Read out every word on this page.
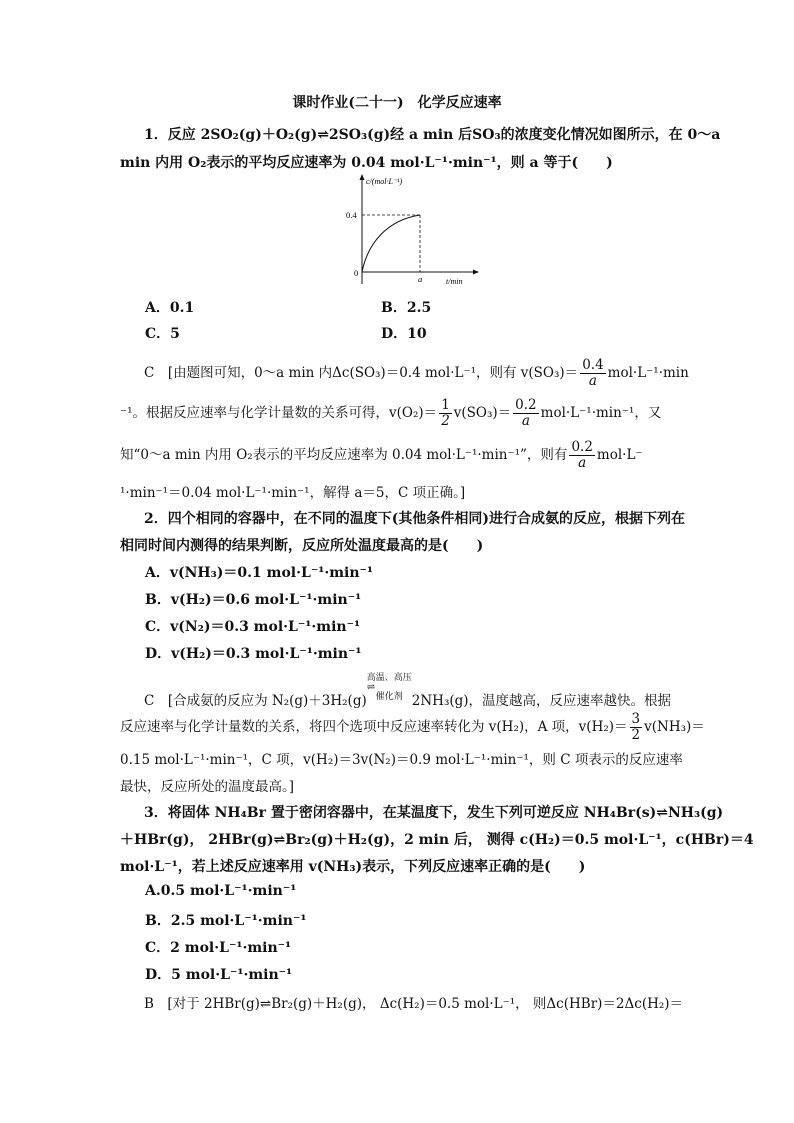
课时作业(二十一)　化学反应速率
1．反应 2SO₂(g)＋O₂(g)⇌2SO₃(g)经 a min 后SO₃的浓度变化情况如图所示，在 0～a
min 内用 O₂表示的平均反应速率为 0.04 mol·L⁻¹·min⁻¹，则 a 等于(　　)
c/(mol·L⁻¹)
0.4
0
a	t/min
A．0.1	B．2.5
C．5	D．10
C　[由题图可知，0～a min 内Δc(SO₃)＝0.4 mol·L⁻¹，则有 $v(SO_3)= \frac{0.4}{a} mol\cdot L^{-1}\cdot\min$
⁻¹。根据反应速率与化学计量数的关系可得，$v(O_2)= \frac{1}{2} v(SO_3)= \frac{0.2}{a} mol\cdot L^{-1}\cdot\min^{-1}$，又
知“0～a min 内用 O₂表示的平均反应速率为 0.04 mol·L⁻¹·min⁻¹”，则有 $\frac{0.2}{a} mol\cdot L^-$
¹·min⁻¹＝0.04 mol·L⁻¹·min⁻¹，解得 a＝5，C 项正确。]
2．四个相同的容器中，在不同的温度下(其他条件相同)进行合成氨的反应，根据下列在
相同时间内测得的结果判断，反应所处温度最高的是(　　)
A．v(NH₃)＝0.1 mol·L⁻¹·min⁻¹
B．v(H₂)＝0.6 mol·L⁻¹·min⁻¹
C．v(N₂)＝0.3 mol·L⁻¹·min⁻¹
D．v(H₂)＝0.3 mol·L⁻¹·min⁻¹
C　[合成氨的反应为 N₂(g)＋3H₂(g)
高温、高压
⇌
催化剂 2NH₃(g)，温度越高，反应速率越快。根据
反应速率与化学计量数的关系，将四个选项中反应速率转化为 v(H₂)，A 项，$v(H_2)= \frac{3}{2} v(NH_3)=$
0.15 mol·L⁻¹·min⁻¹，C 项，v(H₂)＝3v(N₂)＝0.9 mol·L⁻¹·min⁻¹，则 C 项表示的反应速率
最快，反应所处的温度最高。]
3．将固体 NH₄Br 置于密闭容器中，在某温度下，发生下列可逆反应 NH₄Br(s)⇌NH₃(g)
＋HBr(g)， 2HBr(g)⇌Br₂(g)＋H₂(g)，2 min 后， 测得 c(H₂)＝0.5 mol·L⁻¹，c(HBr)＝4
mol·L⁻¹，若上述反应速率用 v(NH₃)表示，下列反应速率正确的是(　　)
A.0.5 mol·L⁻¹·min⁻¹
B．2.5 mol·L⁻¹·min⁻¹
C．2 mol·L⁻¹·min⁻¹
D．5 mol·L⁻¹·min⁻¹
B　[对于 2HBr(g)⇌Br₂(g)＋H₂(g)， Δc(H₂)＝0.5 mol·L⁻¹， 则Δc(HBr)＝2Δc(H₂)＝
